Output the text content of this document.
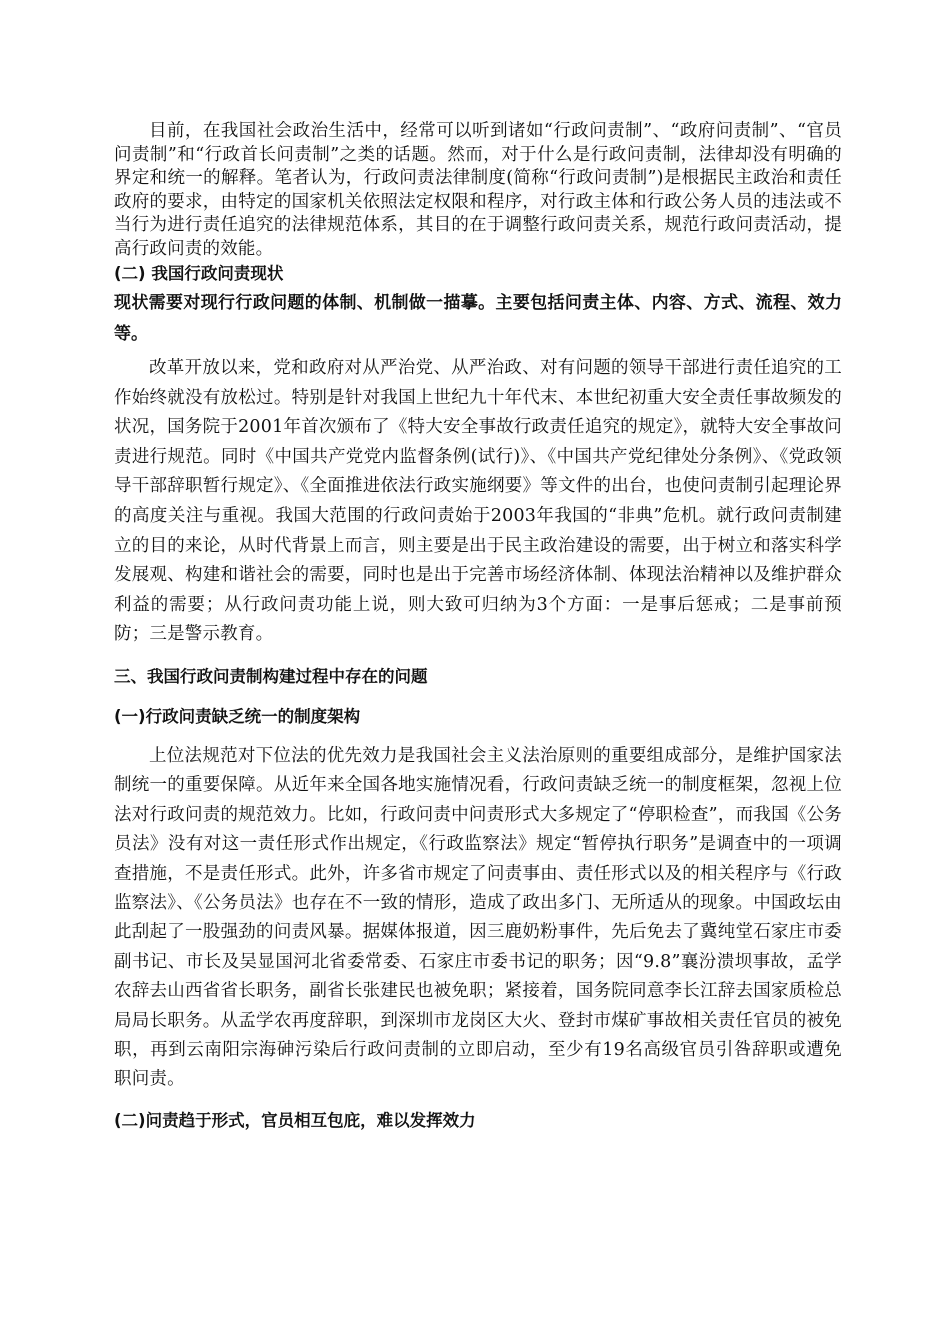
目前，在我国社会政治生活中，经常可以听到诸如“行政问责制”、“政府问责制”、“官员问责制”和“行政首长问责制”之类的话题。然而，对于什么是行政问责制，法律却没有明确的界定和统一的解释。笔者认为，行政问责法律制度(简称“行政问责制”)是根据民主政治和责任政府的要求，由特定的国家机关依照法定权限和程序，对行政主体和行政公务人员的违法或不当行为进行责任追究的法律规范体系，其目的在于调整行政问责关系，规范行政问责活动，提高行政问责的效能。

(二) 我国行政问责现状

现状需要对现行行政问题的体制、机制做一描摹。主要包括问责主体、内容、方式、流程、效力等。

改革开放以来，党和政府对从严治党、从严治政、对有问题的领导干部进行责任追究的工作始终就没有放松过。特别是针对我国上世纪九十年代末、本世纪初重大安全责任事故频发的状况，国务院于2001年首次颁布了《特大安全事故行政责任追究的规定》，就特大安全事故问责进行规范。同时《中国共产党党内监督条例(试行)》、《中国共产党纪律处分条例》、《党政领导干部辞职暂行规定》、《全面推进依法行政实施纲要》等文件的出台，也使问责制引起理论界的高度关注与重视。我国大范围的行政问责始于2003年我国的“非典”危机。就行政问责制建立的目的来论，从时代背景上而言，则主要是出于民主政治建设的需要，出于树立和落实科学发展观、构建和谐社会的需要，同时也是出于完善市场经济体制、体现法治精神以及维护群众利益的需要；从行政问责功能上说，则大致可归纳为3个方面：一是事后惩戒；二是事前预防；三是警示教育。

三、我国行政问责制构建过程中存在的问题

(一)行政问责缺乏统一的制度架构

上位法规范对下位法的优先效力是我国社会主义法治原则的重要组成部分，是维护国家法制统一的重要保障。从近年来全国各地实施情况看，行政问责缺乏统一的制度框架，忽视上位法对行政问责的规范效力。比如，行政问责中问责形式大多规定了“停职检查”，而我国《公务员法》没有对这一责任形式作出规定，《行政监察法》规定“暂停执行职务”是调查中的一项调查措施，不是责任形式。此外，许多省市规定了问责事由、责任形式以及的相关程序与《行政监察法》、《公务员法》也存在不一致的情形，造成了政出多门、无所适从的现象。中国政坛由此刮起了一股强劲的问责风暴。据媒体报道，因三鹿奶粉事件，先后免去了冀纯堂石家庄市委副书记、市长及吴显国河北省委常委、石家庄市委书记的职务；因“9.8”襄汾溃坝事故，孟学农辞去山西省省长职务，副省长张建民也被免职；紧接着，国务院同意李长江辞去国家质检总局局长职务。从孟学农再度辞职，到深圳市龙岗区大火、登封市煤矿事故相关责任官员的被免职，再到云南阳宗海砷污染后行政问责制的立即启动，至少有19名高级官员引咎辞职或遭免职问责。

(二)问责趋于形式，官员相互包庇，难以发挥效力
